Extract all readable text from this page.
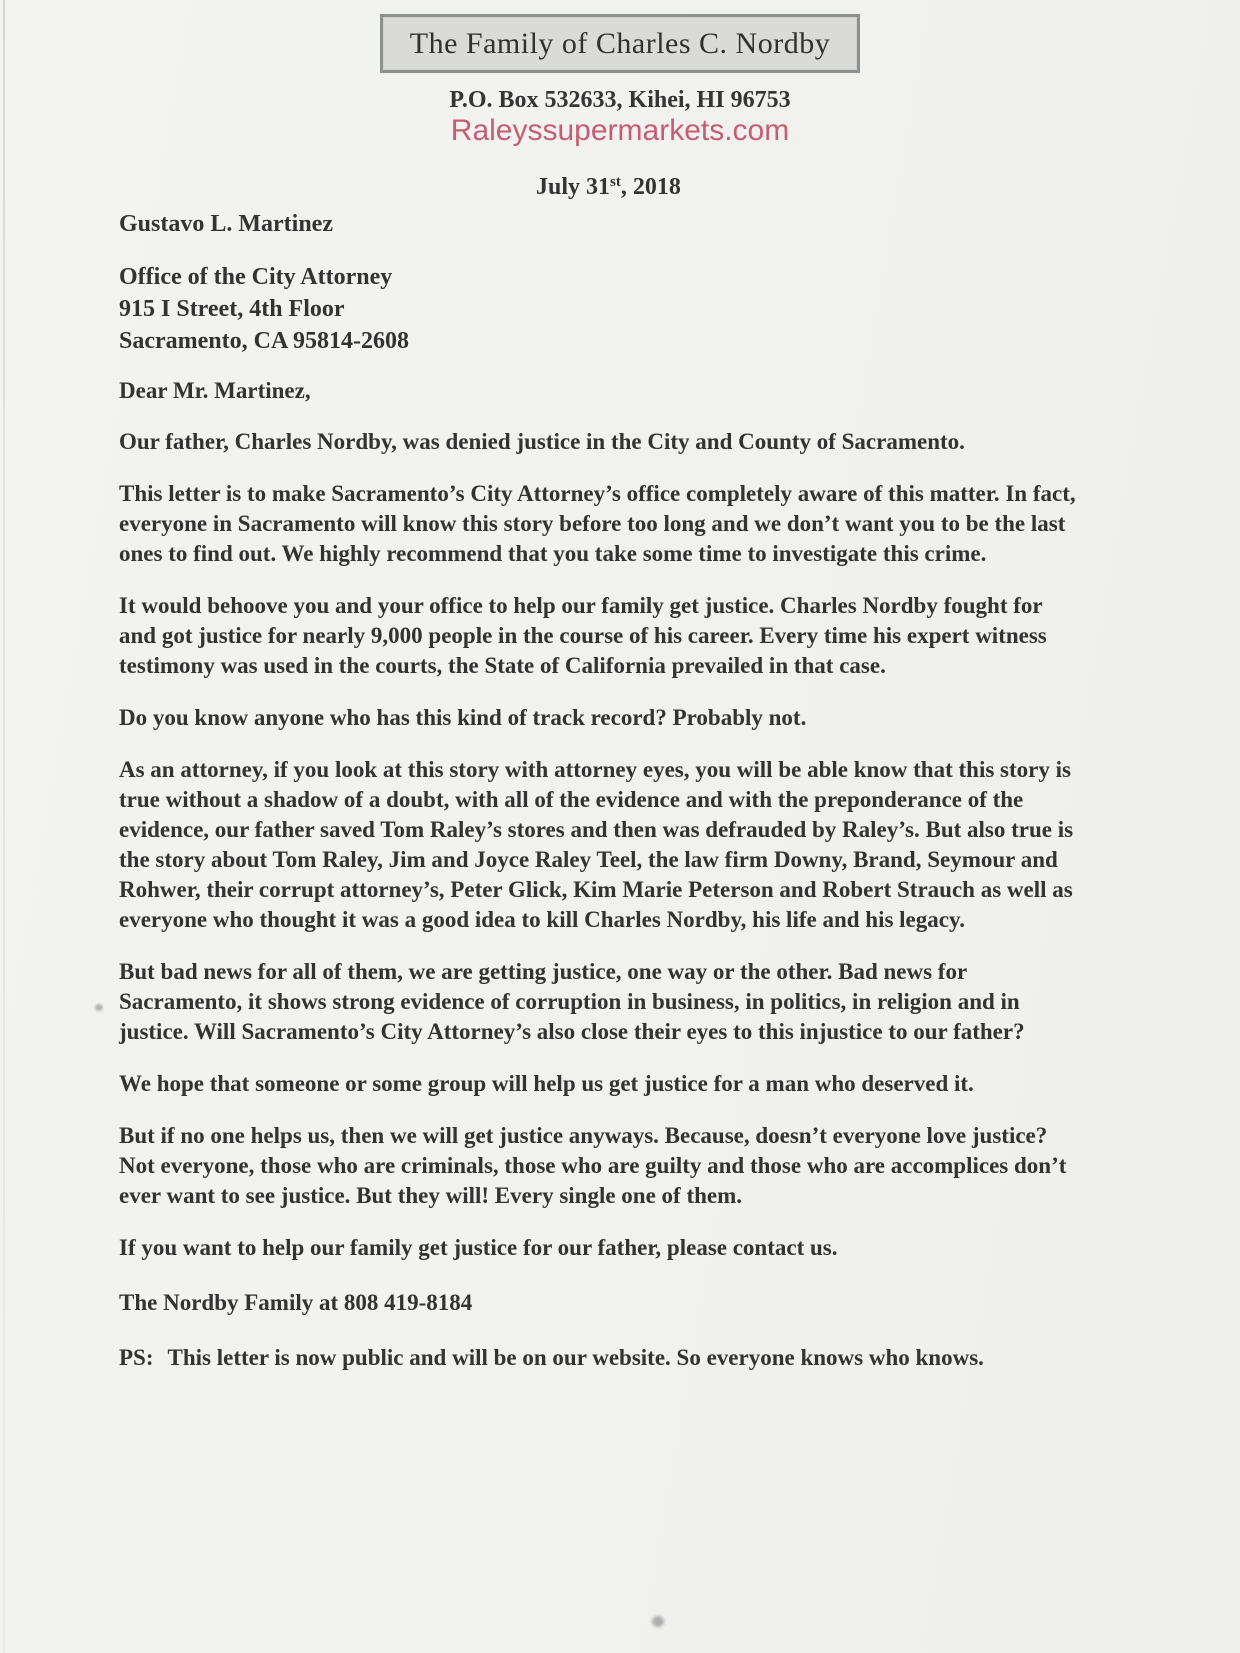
The Family of Charles C. Nordby
P.O. Box 532633, Kihei, HI 96753
Raleyssupermarkets.com
July 31st, 2018
Gustavo L. Martinez
Office of the City Attorney
915 I Street, 4th Floor
Sacramento, CA 95814-2608
Dear Mr. Martinez,
Our father, Charles Nordby, was denied justice in the City and County of Sacramento.
This letter is to make Sacramento’s City Attorney’s office completely aware of this matter. In fact, everyone in Sacramento will know this story before too long and we don’t want you to be the last ones to find out. We highly recommend that you take some time to investigate this crime.
It would behoove you and your office to help our family get justice. Charles Nordby fought for and got justice for nearly 9,000 people in the course of his career. Every time his expert witness testimony was used in the courts, the State of California prevailed in that case.
Do you know anyone who has this kind of track record? Probably not.
As an attorney, if you look at this story with attorney eyes, you will be able know that this story is true without a shadow of a doubt, with all of the evidence and with the preponderance of the evidence, our father saved Tom Raley’s stores and then was defrauded by Raley’s. But also true is the story about Tom Raley, Jim and Joyce Raley Teel, the law firm Downy, Brand, Seymour and Rohwer, their corrupt attorney’s, Peter Glick, Kim Marie Peterson and Robert Strauch as well as everyone who thought it was a good idea to kill Charles Nordby, his life and his legacy.
But bad news for all of them, we are getting justice, one way or the other. Bad news for Sacramento, it shows strong evidence of corruption in business, in politics, in religion and in justice. Will Sacramento’s City Attorney’s also close their eyes to this injustice to our father?
We hope that someone or some group will help us get justice for a man who deserved it.
But if no one helps us, then we will get justice anyways. Because, doesn’t everyone love justice? Not everyone, those who are criminals, those who are guilty and those who are accomplices don’t ever want to see justice. But they will! Every single one of them.
If you want to help our family get justice for our father, please contact us.
The Nordby Family at 808 419-8184
PS: This letter is now public and will be on our website. So everyone knows who knows.
